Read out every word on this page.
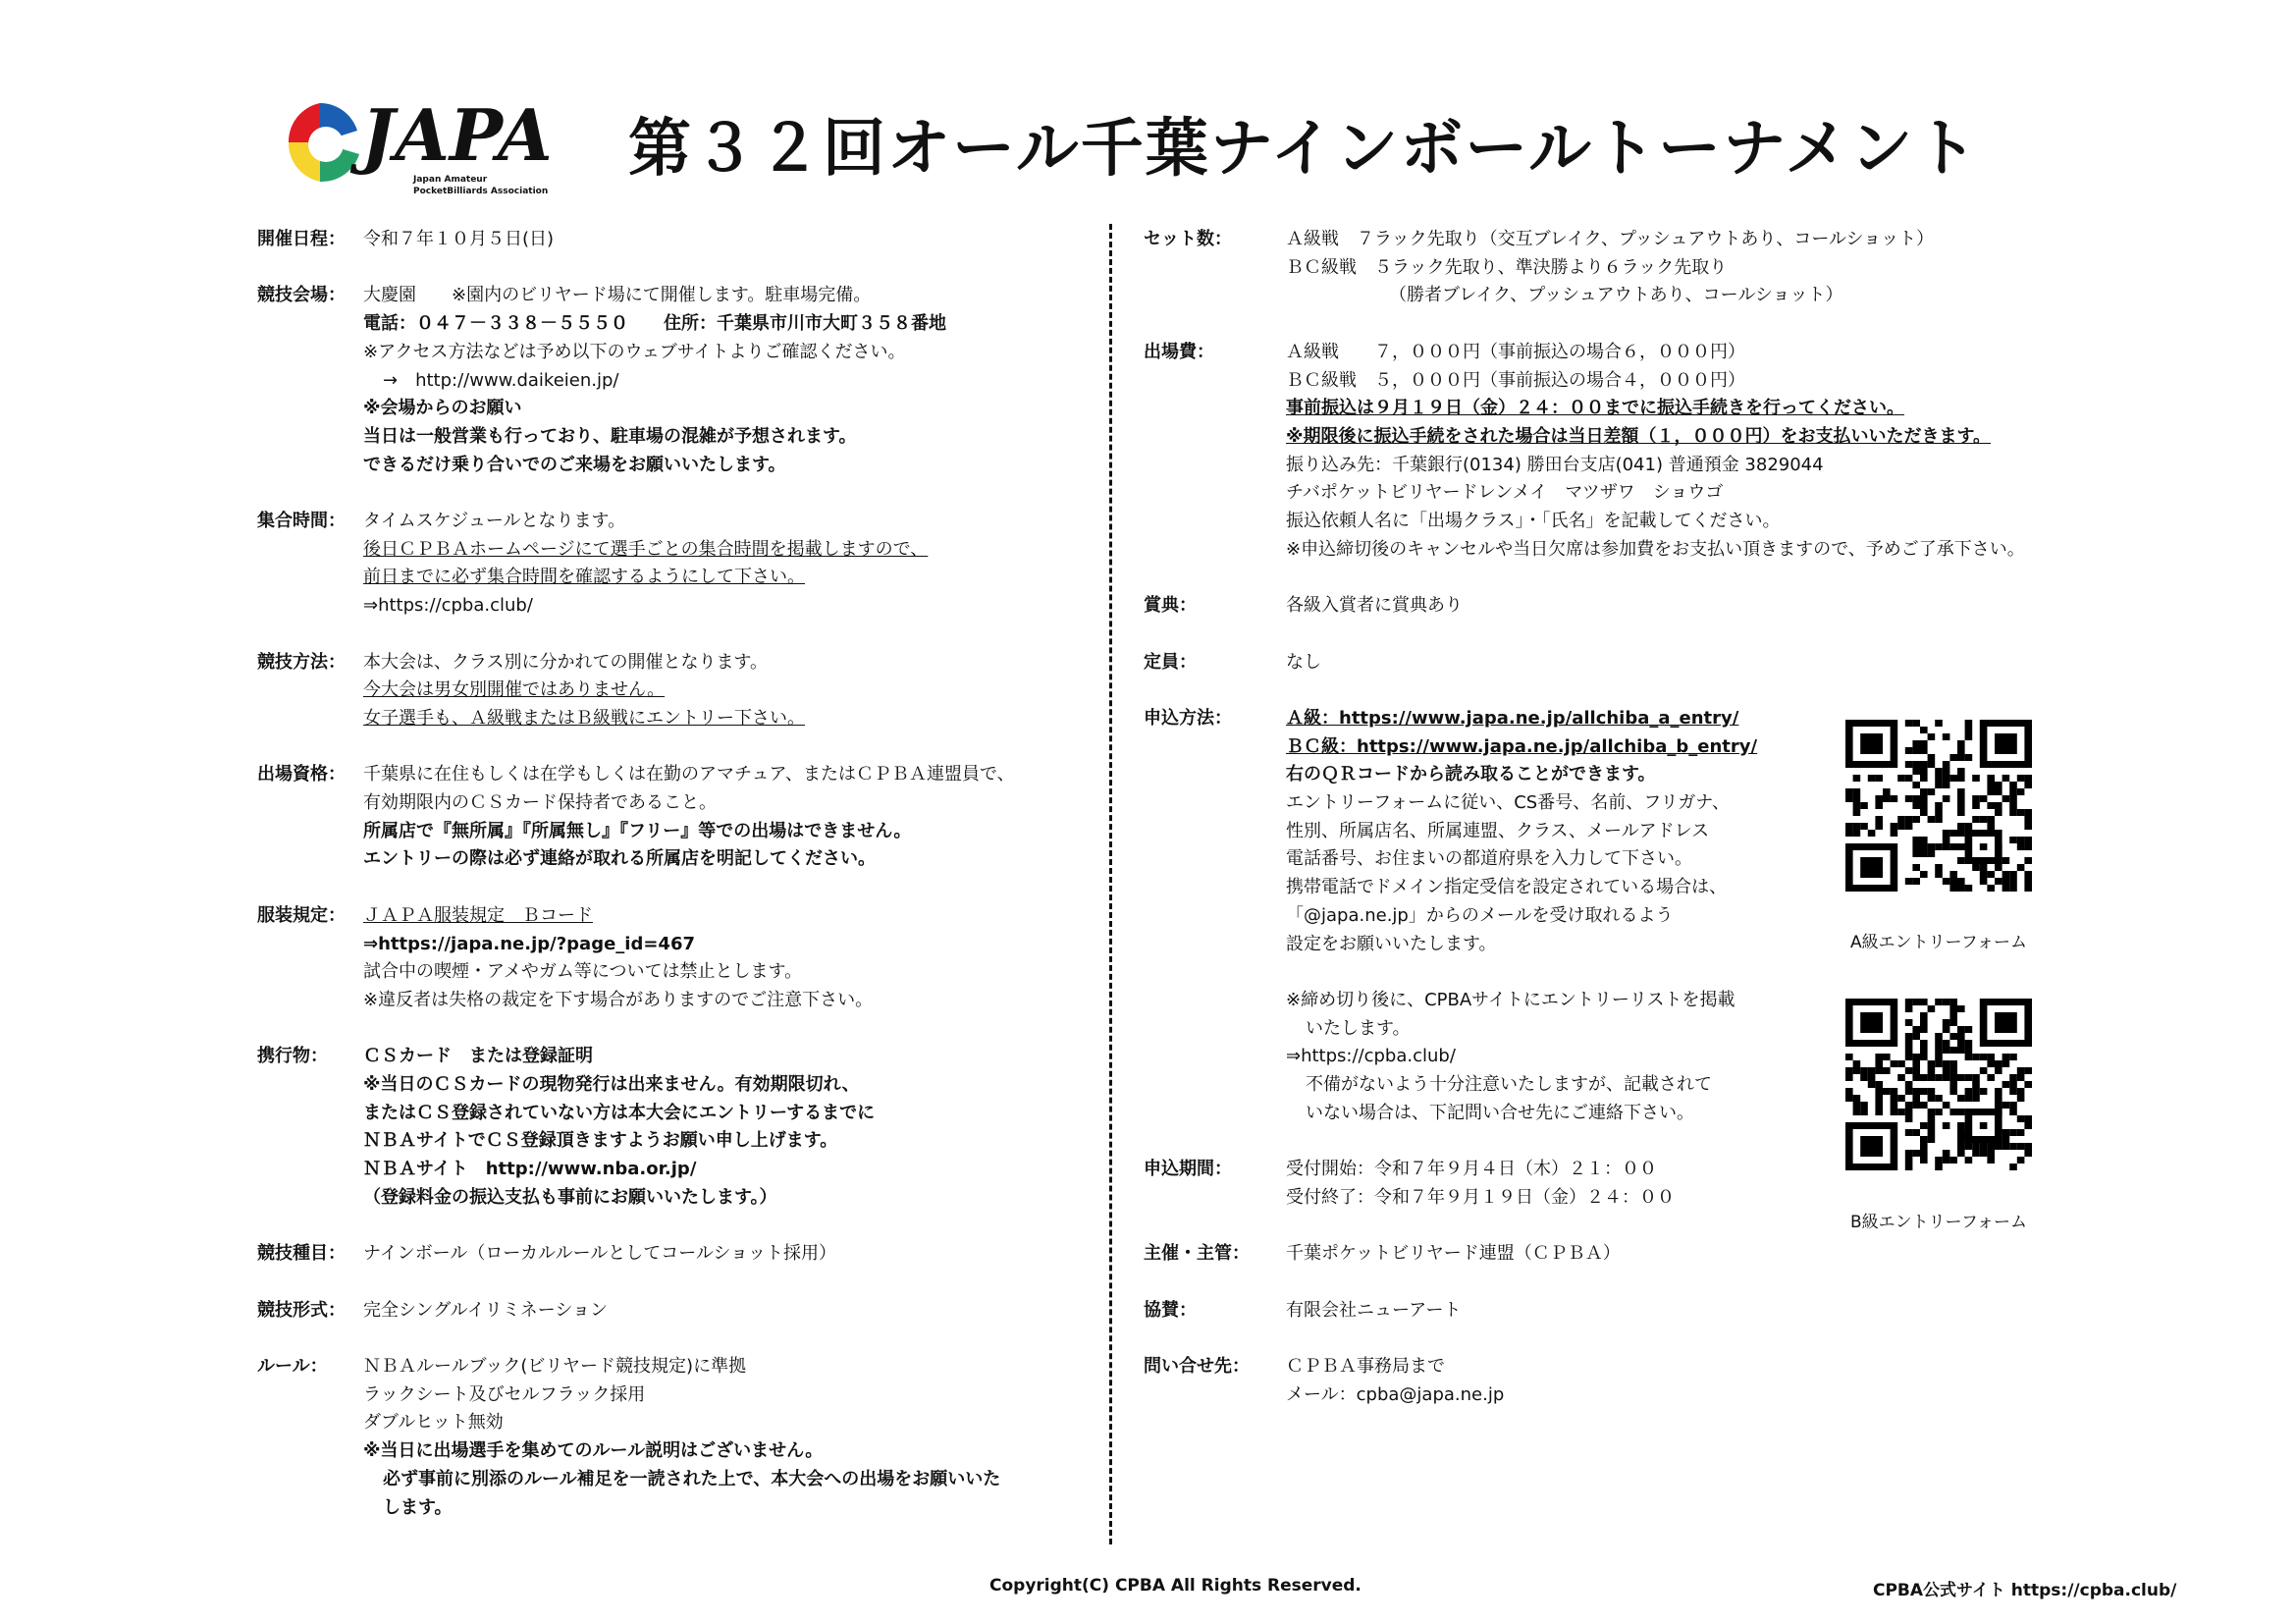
JAPA
Japan Amateur
PocketBilliards Association
第３２回オール千葉ナインボールトーナメント
開催日程：	令和７年１０月５日(日)
競技会場：	大慶園　　※園内のビリヤード場にて開催します。駐車場完備。
電話：０４７－３３８－５５５０　　住所：千葉県市川市大町３５８番地
※アクセス方法などは予め以下のウェブサイトよりご確認ください。
→　http://www.daikeien.jp/
※会場からのお願い
当日は一般営業も行っており、駐車場の混雑が予想されます。
できるだけ乗り合いでのご来場をお願いいたします。
集合時間：	タイムスケジュールとなります。
後日ＣＰＢＡホームページにて選手ごとの集合時間を掲載しますので、
前日までに必ず集合時間を確認するようにして下さい。
⇒https://cpba.club/
競技方法：	本大会は、クラス別に分かれての開催となります。
今大会は男女別開催ではありません。
女子選手も、Ａ級戦またはＢ級戦にエントリー下さい。
出場資格：	千葉県に在住もしくは在学もしくは在勤のアマチュア、またはＣＰＢＡ連盟員で、
有効期限内のＣＳカード保持者であること。
所属店で『無所属』『所属無し』『フリー』等での出場はできません。
エントリーの際は必ず連絡が取れる所属店を明記してください。
服装規定：	ＪＡＰＡ服装規定　Ｂコード
⇒https://japa.ne.jp/?page_id=467
試合中の喫煙・アメやガム等については禁止とします。
※違反者は失格の裁定を下す場合がありますのでご注意下さい。
携行物：	ＣＳカード　または登録証明
※当日のＣＳカードの現物発行は出来ません。有効期限切れ、
またはＣＳ登録されていない方は本大会にエントリーするまでに
ＮＢＡサイトでＣＳ登録頂きますようお願い申し上げます。
ＮＢＡサイト　http://www.nba.or.jp/
（登録料金の振込支払も事前にお願いいたします。）
競技種目：	ナインボール（ローカルルールとしてコールショット採用）
競技形式：	完全シングルイリミネーション
ルール：	ＮＢＡルールブック(ビリヤード競技規定)に準拠
ラックシート及びセルフラック採用
ダブルヒット無効
※当日に出場選手を集めてのルール説明はございません。
必ず事前に別添のルール補足を一読された上で、本大会への出場をお願いいた
します。
セット数：	Ａ級戦　７ラック先取り（交互ブレイク、プッシュアウトあり、コールショット）
ＢＣ級戦　５ラック先取り、準決勝より６ラック先取り
（勝者ブレイク、プッシュアウトあり、コールショット）
出場費：	Ａ級戦　　７，０００円（事前振込の場合６，０００円）
ＢＣ級戦　５，０００円（事前振込の場合４，０００円）
事前振込は９月１９日（金）２４：００までに振込手続きを行ってください。
※期限後に振込手続をされた場合は当日差額（１，０００円）をお支払いいただきます。
振り込み先：千葉銀行(0134) 勝田台支店(041) 普通預金 3829044
チバポケットビリヤードレンメイ　マツザワ　ショウゴ
振込依頼人名に「出場クラス」・「氏名」を記載してください。
※申込締切後のキャンセルや当日欠席は参加費をお支払い頂きますので、予めご了承下さい。
賞典：	各級入賞者に賞典あり
定員：	なし
申込方法：	Ａ級：https://www.japa.ne.jp/allchiba_a_entry/
ＢＣ級：https://www.japa.ne.jp/allchiba_b_entry/
右のＱＲコードから読み取ることができます。
エントリーフォームに従い、CS番号、名前、フリガナ、
性別、所属店名、所属連盟、クラス、メールアドレス
電話番号、お住まいの都道府県を入力して下さい。
携帯電話でドメイン指定受信を設定されている場合は、
「@japa.ne.jp」からのメールを受け取れるよう
設定をお願いいたします。

※締め切り後に、CPBAサイトにエントリーリストを掲載
いたします。
⇒https://cpba.club/
不備がないよう十分注意いたしますが、記載されて
いない場合は、下記問い合せ先にご連絡下さい。
申込期間：	受付開始：令和７年９月４日（木）２１：００
受付終了：令和７年９月１９日（金）２４：００
主催・主管：	千葉ポケットビリヤード連盟（ＣＰＢＡ）
協賛：	有限会社ニューアート
問い合せ先：	ＣＰＢＡ事務局まで
メール：cpba@japa.ne.jp
A級エントリーフォーム
B級エントリーフォーム
Copyright(C) CPBA All Rights Reserved.	CPBA公式サイト https://cpba.club/
